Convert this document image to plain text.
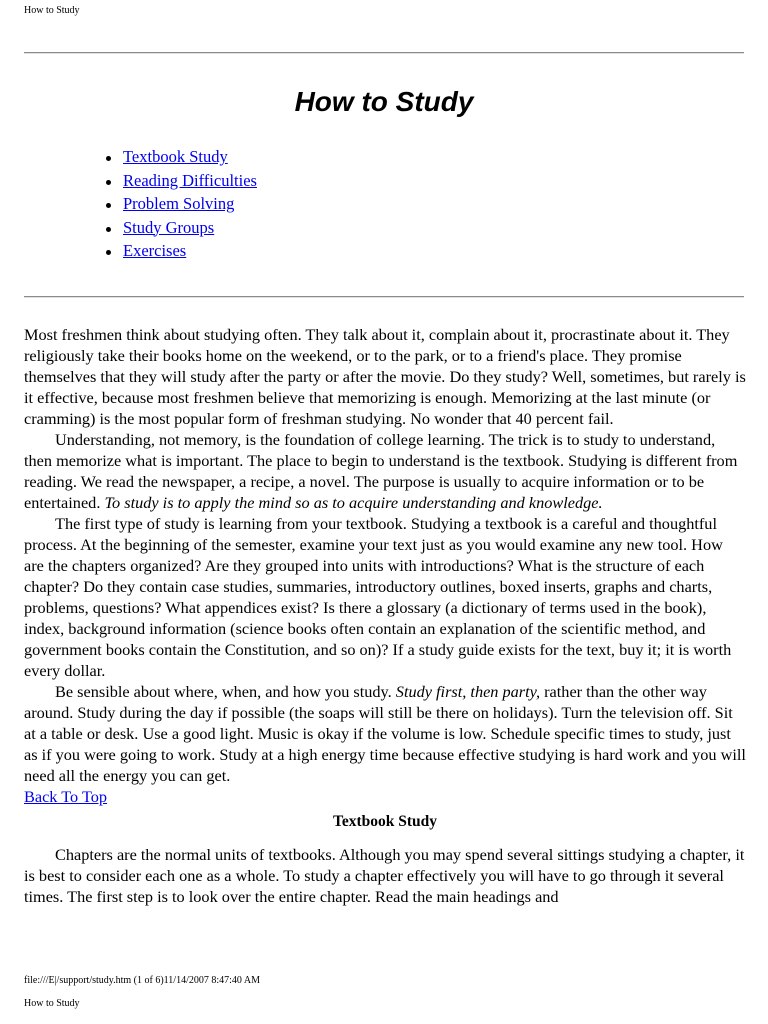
How to Study
How to Study
Textbook Study
Reading Difficulties
Problem Solving
Study Groups
Exercises

Most freshmen think about studying often. They talk about it, complain about it, procrastinate about it. They religiously take their books home on the weekend, or to the park, or to a friend's place. They promise themselves that they will study after the party or after the movie. Do they study? Well, sometimes, but rarely is it effective, because most freshmen believe that memorizing is enough. Memorizing at the last minute (or cramming) is the most popular form of freshman studying. No wonder that 40 percent fail.

Understanding, not memory, is the foundation of college learning. The trick is to study to understand, then memorize what is important. The place to begin to understand is the textbook. Studying is different from reading. We read the newspaper, a recipe, a novel. The purpose is usually to acquire information or to be entertained. To study is to apply the mind so as to acquire understanding and knowledge.

The first type of study is learning from your textbook. Studying a textbook is a careful and thoughtful process. At the beginning of the semester, examine your text just as you would examine any new tool. How are the chapters organized? Are they grouped into units with introductions? What is the structure of each chapter? Do they contain case studies, summaries, introductory outlines, boxed inserts, graphs and charts, problems, questions? What appendices exist? Is there a glossary (a dictionary of terms used in the book), index, background information (science books often contain an explanation of the scientific method, and government books contain the Constitution, and so on)? If a study guide exists for the text, buy it; it is worth every dollar.

Be sensible about where, when, and how you study. Study first, then party, rather than the other way around. Study during the day if possible (the soaps will still be there on holidays). Turn the television off. Sit at a table or desk. Use a good light. Music is okay if the volume is low. Schedule specific times to study, just as if you were going to work. Study at a high energy time because effective studying is hard work and you will need all the energy you can get.

Back To Top

Textbook Study

Chapters are the normal units of textbooks. Although you may spend several sittings studying a chapter, it is best to consider each one as a whole. To study a chapter effectively you will have to go through it several times. The first step is to look over the entire chapter. Read the main headings and

file:///E|/support/study.htm (1 of 6)11/14/2007 8:47:40 AM
How to Study
